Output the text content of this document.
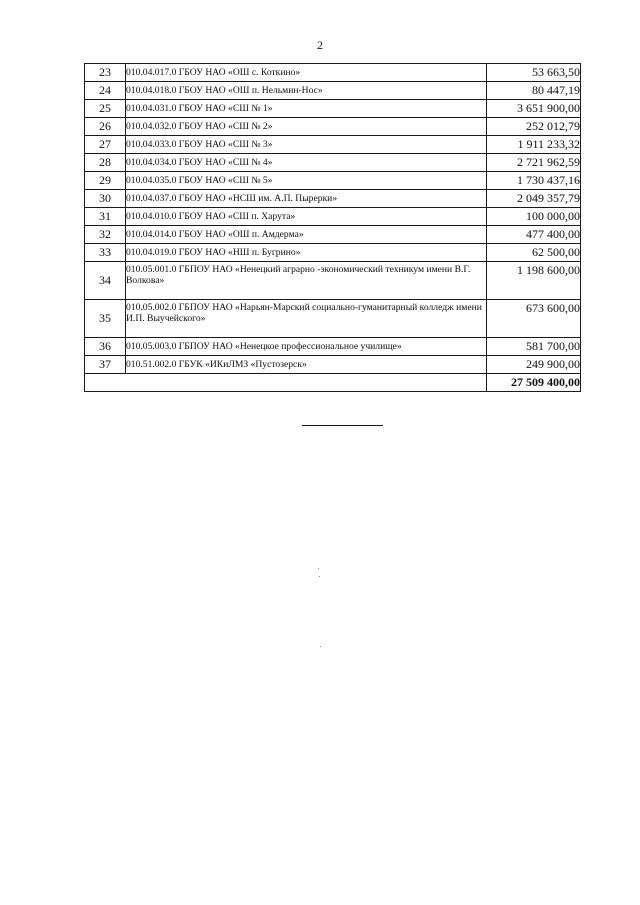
2
23	010.04.017.0 ГБОУ НАО «ОШ с. Коткино»	53 663,50
24	010.04.018.0 ГБОУ НАО «ОШ п. Нельмин-Нос»	80 447,19
25	010.04.031.0 ГБОУ НАО «СШ № 1»	3 651 900,00
26	010.04.032.0 ГБОУ НАО «СШ № 2»	252 012,79
27	010.04.033.0 ГБОУ НАО «СШ № 3»	1 911 233,32
28	010.04.034.0 ГБОУ НАО «СШ № 4»	2 721 962,59
29	010.04.035.0 ГБОУ НАО «СШ № 5»	1 730 437,16
30	010.04.037.0 ГБОУ НАО «НСШ им. А.П. Пырерки»	2 049 357,79
31	010.04.010.0 ГБОУ НАО «СШ п. Харута»	100 000,00
32	010.04.014.0 ГБОУ НАО «ОШ п. Амдерма»	477 400,00
33	010.04.019.0 ГБОУ НАО «НШ п. Бугрино»	62 500,00
34	010.05.001.0 ГБПОУ НАО «Ненецкий аграрно -экономический техникум имени В.Г. Волкова»	1 198 600,00
35	010.05.002.0 ГБПОУ НАО «Нарьян-Марский социально-гуманитарный колледж имени И.П. Выучейского»	673 600,00
36	010.05.003.0 ГБПОУ НАО «Ненецкое профессиональное училище»	581 700,00
37	010.51.002.0 ГБУК «ИКиЛМЗ «Пустозерск»	249 900,00
		27 509 400,00
